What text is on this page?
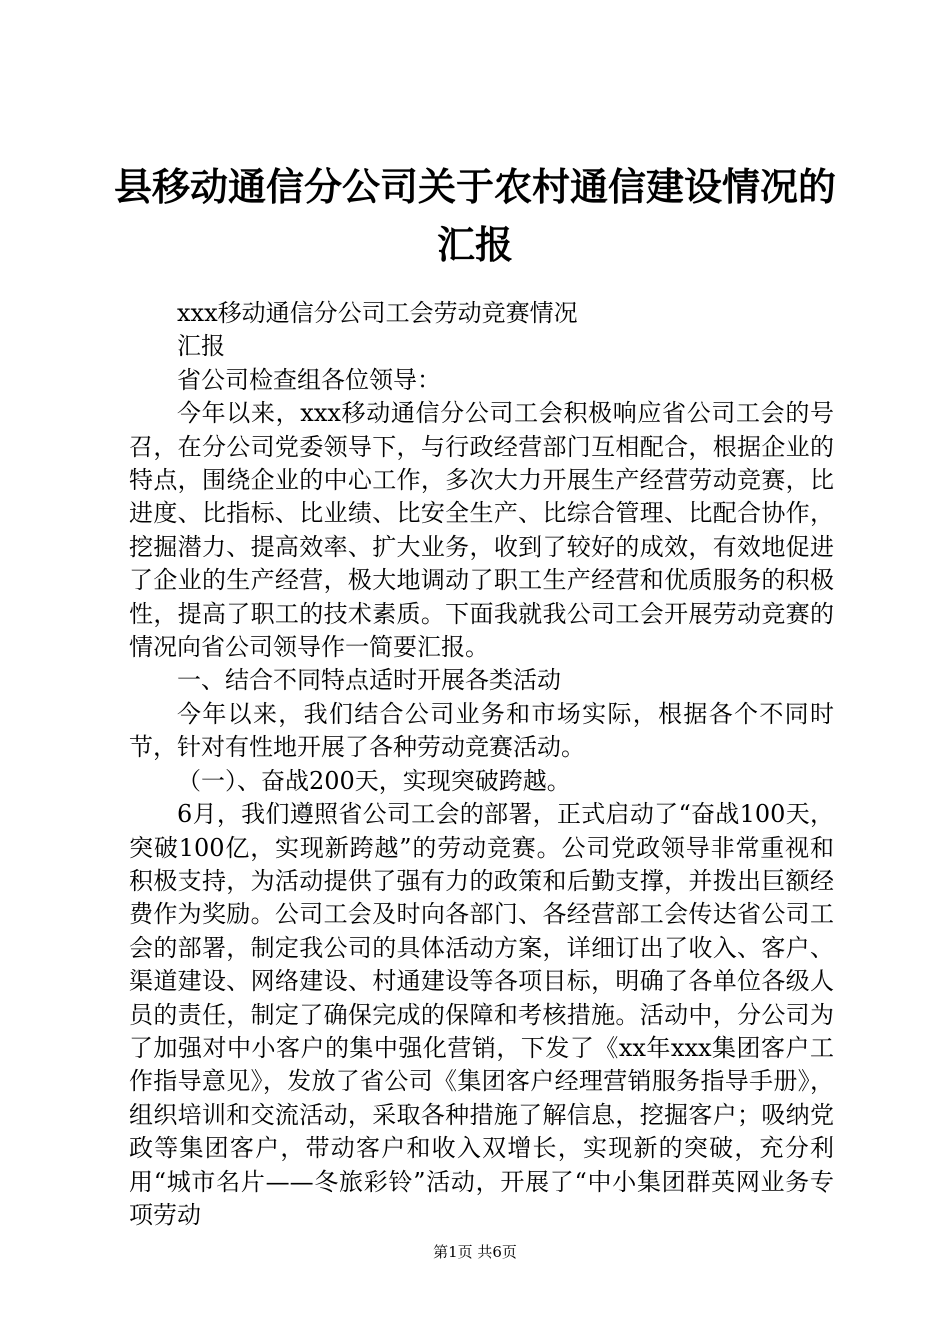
县移动通信分公司关于农村通信建设情况的汇报

xxx移动通信分公司工会劳动竞赛情况

汇报

省公司检查组各位领导：

今年以来，xxx移动通信分公司工会积极响应省公司工会的号召，在分公司党委领导下，与行政经营部门互相配合，根据企业的特点，围绕企业的中心工作，多次大力开展生产经营劳动竞赛，比进度、比指标、比业绩、比安全生产、比综合管理、比配合协作，挖掘潜力、提高效率、扩大业务，收到了较好的成效，有效地促进了企业的生产经营，极大地调动了职工生产经营和优质服务的积极性，提高了职工的技术素质。下面我就我公司工会开展劳动竞赛的情况向省公司领导作一简要汇报。

一、结合不同特点适时开展各类活动

今年以来，我们结合公司业务和市场实际，根据各个不同时节，针对有性地开展了各种劳动竞赛活动。

（一）、奋战200天，实现突破跨越。

6月，我们遵照省公司工会的部署，正式启动了“奋战100天，突破100亿，实现新跨越”的劳动竞赛。公司党政领导非常重视和积极支持，为活动提供了强有力的政策和后勤支撑，并拨出巨额经费作为奖励。公司工会及时向各部门、各经营部工会传达省公司工会的部署，制定我公司的具体活动方案，详细订出了收入、客户、渠道建设、网络建设、村通建设等各项目标，明确了各单位各级人员的责任，制定了确保完成的保障和考核措施。活动中，分公司为了加强对中小客户的集中强化营销，下发了《xx年xxx集团客户工作指导意见》，发放了省公司《集团客户经理营销服务指导手册》，组织培训和交流活动，采取各种措施了解信息，挖掘客户；吸纳党政等集团客户，带动客户和收入双增长，实现新的突破，充分利用“城市名片——冬旅彩铃”活动，开展了“中小集团群英网业务专项劳动

第1页 共6页
